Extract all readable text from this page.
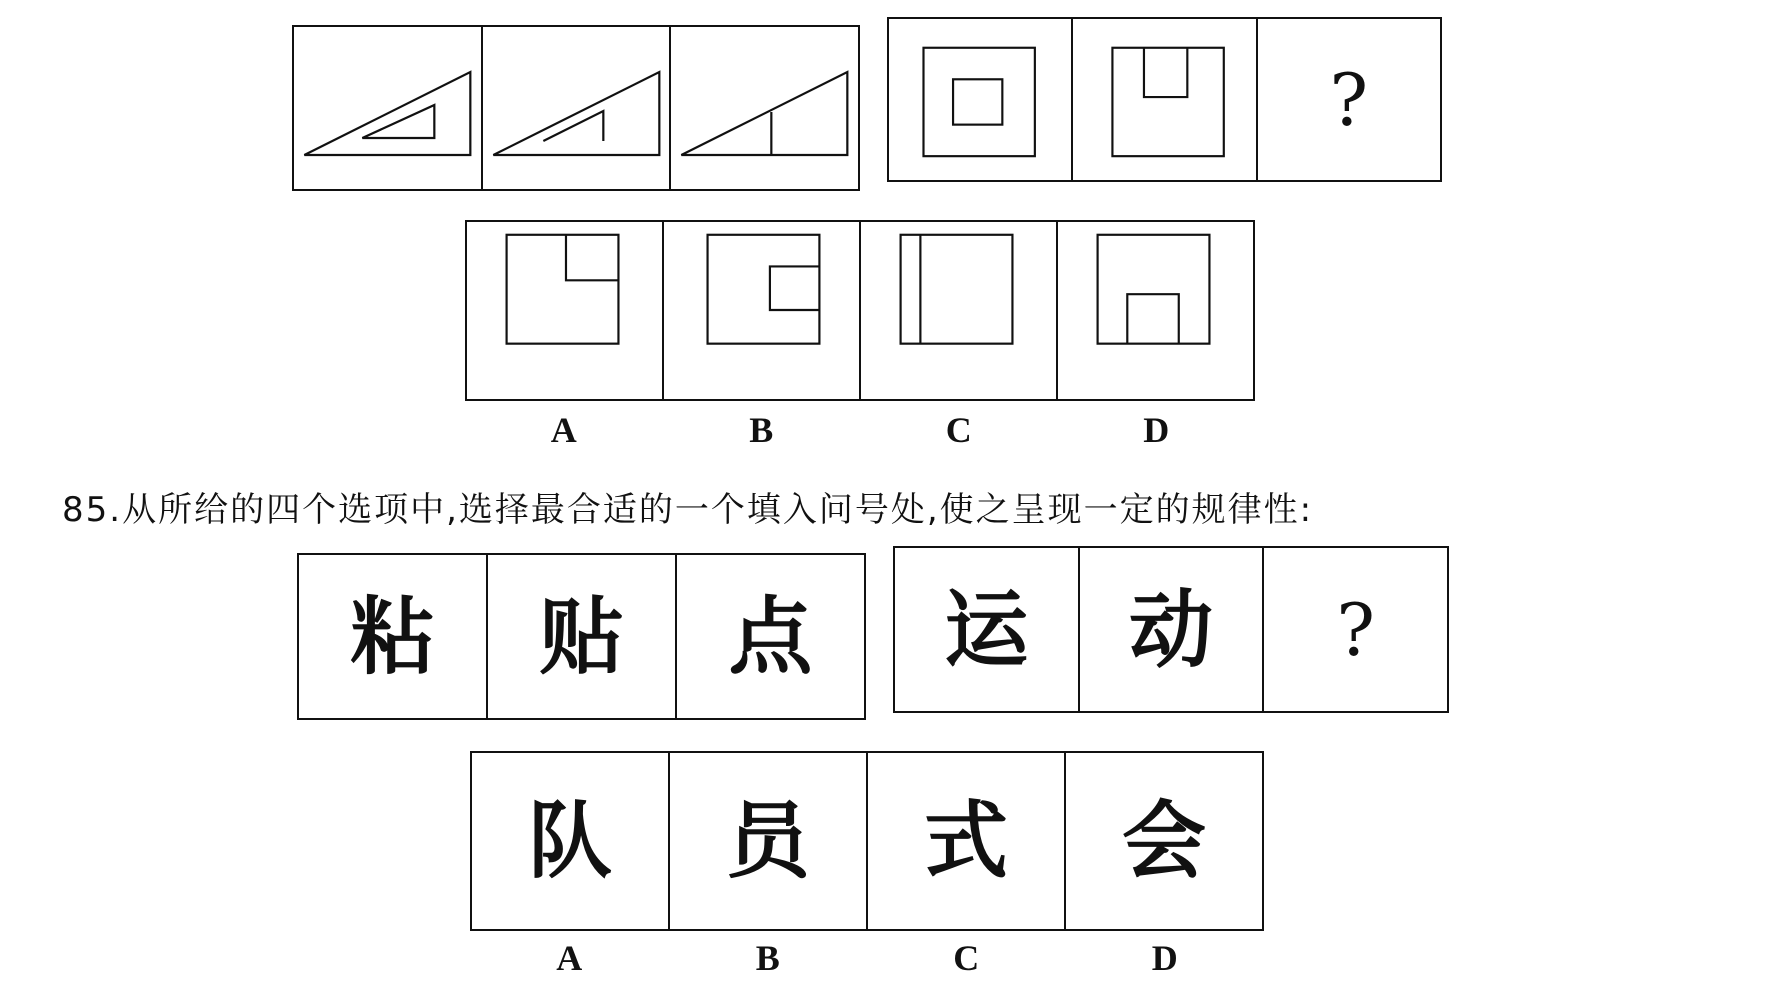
?
A	B	C	D
85.从所给的四个选项中,选择最合适的一个填入问号处,使之呈现一定的规律性:
粘 贴 点 运 动 ?
队 员 式 会
A	B	C	D
